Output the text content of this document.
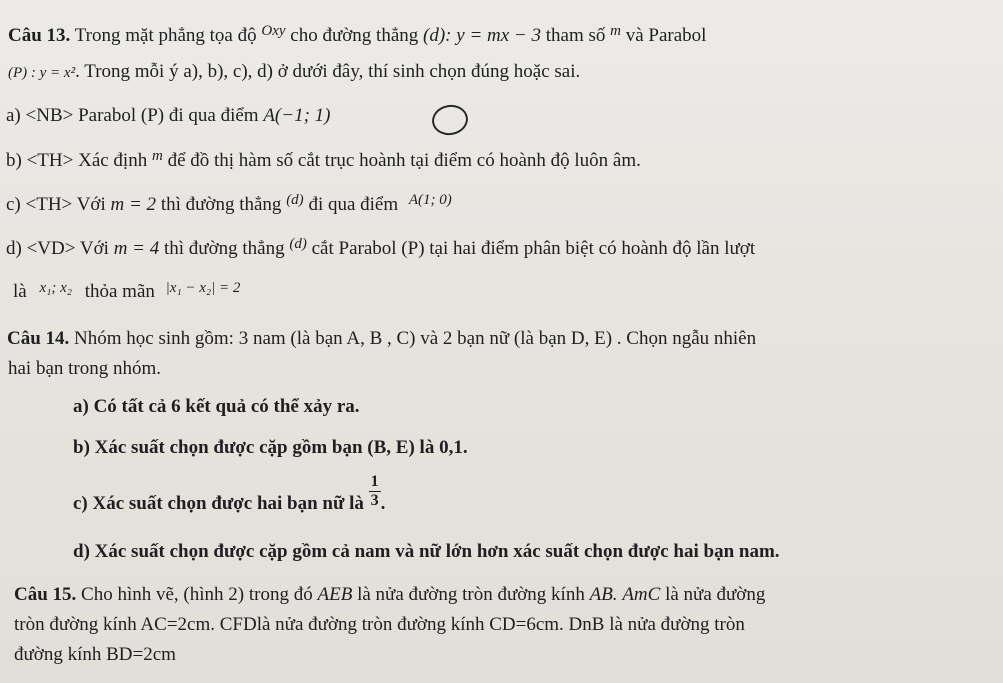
Câu 13. Trong mặt phẳng tọa độ $^{Oxy}$ cho đường thẳng (d): y = mx − 3 tham số $^m$ và Parabol
(P) : y = x². Trong mỗi ý a), b), c), d) ở dưới đây, thí sinh chọn đúng hoặc sai.
a) <NB> Parabol (P) đi qua điểm A(−1; 1)
b) <TH> Xác định $^m$ để đồ thị hàm số cắt trục hoành tại điểm có hoành độ luôn âm.
c) <TH> Với m = 2 thì đường thẳng $^{(d)}$ đi qua điểm $^{A(1; 0)}$
d) <VD> Với m = 4 thì đường thẳng $^{(d)}$ cắt Parabol (P) tại hai điểm phân biệt có hoành độ lần lượt
là $^{x_1; x_2}$ thỏa mãn $^{|x_1 - x_2| = 2}$
Câu 14. Nhóm học sinh gồm: 3 nam (là bạn A, B , C) và 2 bạn nữ (là bạn D, E) . Chọn ngẫu nhiên
hai bạn trong nhóm.
a) Có tất cả 6 kết quả có thể xảy ra.
b) Xác suất chọn được cặp gồm bạn (B, E) là 0,1.
c) Xác suất chọn được hai bạn nữ là $\frac{1}{3}$ .
d) Xác suất chọn được cặp gồm cả nam và nữ lớn hơn xác suất chọn được hai bạn nam.
Câu 15. Cho hình vẽ, (hình 2) trong đó AEB là nửa đường tròn đường kính AB. AmC là nửa đường
tròn đường kính AC=2cm. CFDlà nửa đường tròn đường kính CD=6cm. DnB là nửa đường tròn
đường kính BD=2cm
